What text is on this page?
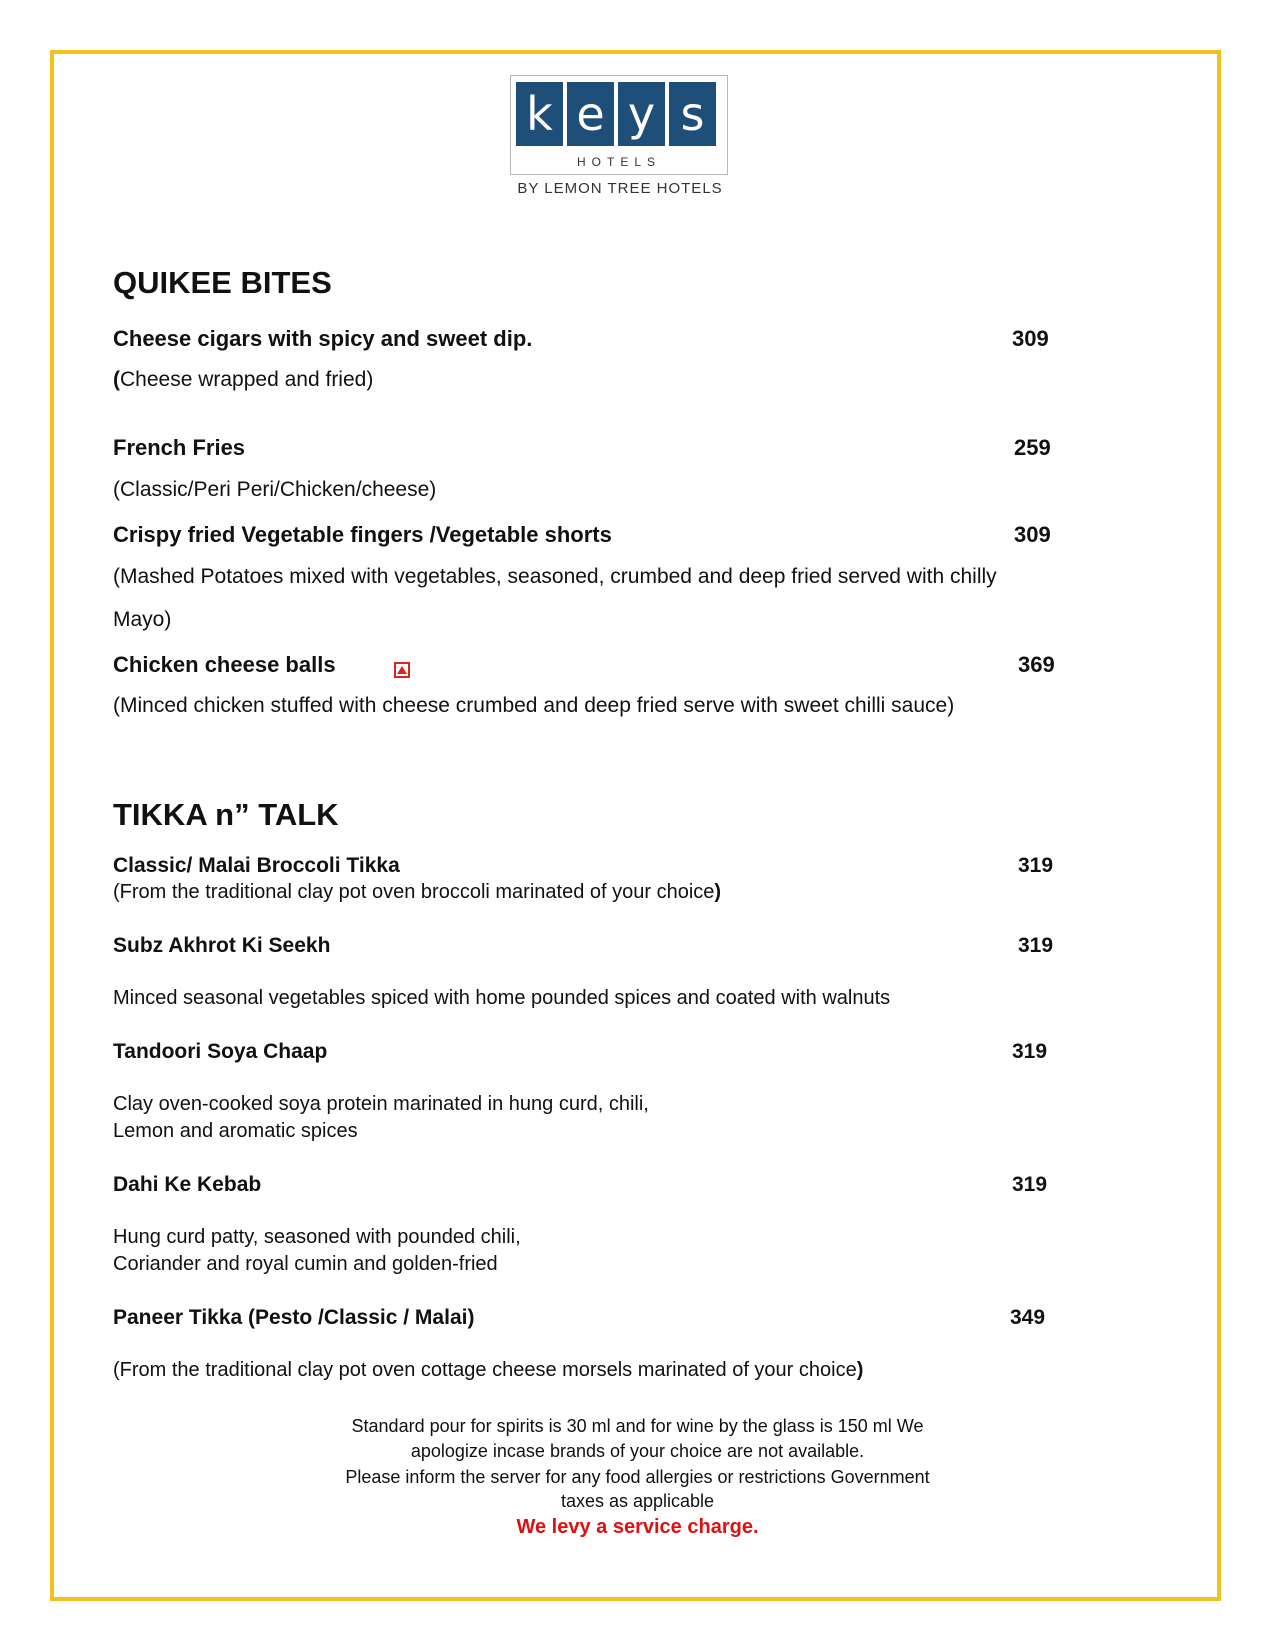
k e y s
HOTELS
BY LEMON TREE HOTELS
QUIKEE BITES
Cheese cigars with spicy and sweet dip.	309
(Cheese wrapped and fried)
French Fries	259
(Classic/Peri Peri/Chicken/cheese)
Crispy fried Vegetable fingers /Vegetable shorts	309
(Mashed Potatoes mixed with vegetables, seasoned, crumbed and deep fried served with chilly
Mayo)
Chicken cheese balls	369
(Minced chicken stuffed with cheese crumbed and deep fried serve with sweet chilli sauce)
TIKKA n” TALK
Classic/ Malai Broccoli Tikka	319
(From the traditional clay pot oven broccoli marinated of your choice)
Subz Akhrot Ki Seekh	319
Minced seasonal vegetables spiced with home pounded spices and coated with walnuts
Tandoori Soya Chaap	319
Clay oven-cooked soya protein marinated in hung curd, chili,
Lemon and aromatic spices
Dahi Ke Kebab	319
Hung curd patty, seasoned with pounded chili,
Coriander and royal cumin and golden-fried
Paneer Tikka (Pesto /Classic / Malai)	349
(From the traditional clay pot oven cottage cheese morsels marinated of your choice)
Standard pour for spirits is 30 ml and for wine by the glass is 150 ml We
apologize incase brands of your choice are not available.
Please inform the server for any food allergies or restrictions Government
taxes as applicable
We levy a service charge.
